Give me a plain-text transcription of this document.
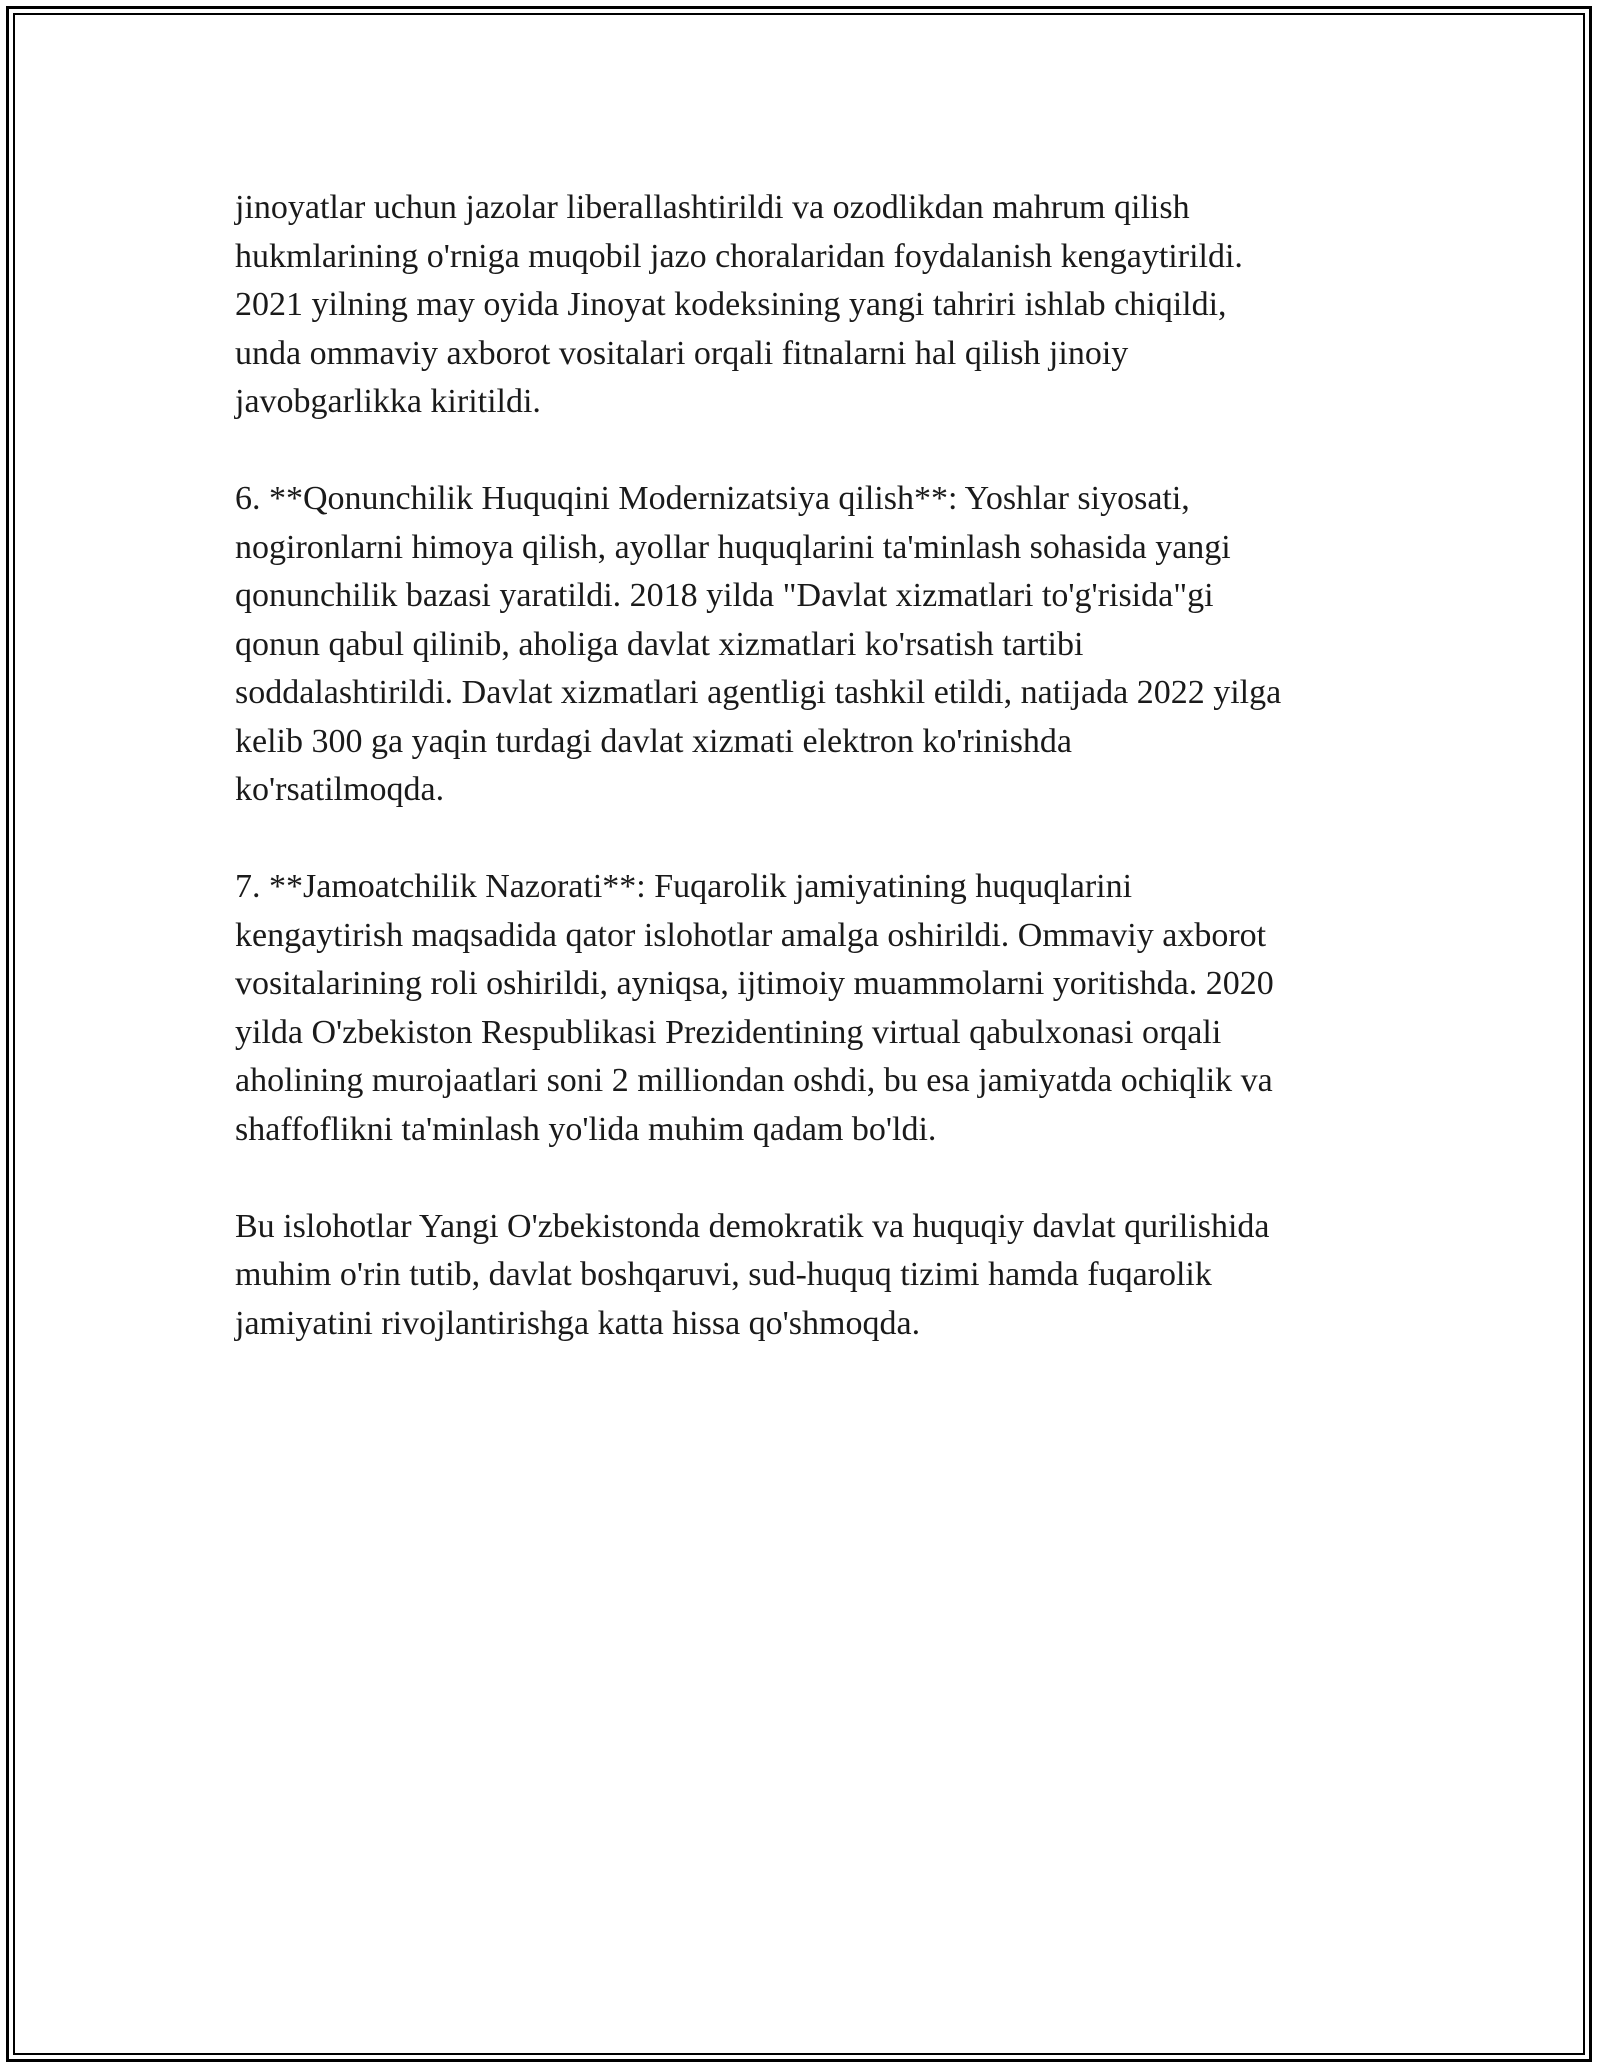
jinoyatlar uchun jazolar liberallashtirildi va ozodlikdan mahrum qilish
hukmlarining o'rniga muqobil jazo choralaridan foydalanish kengaytirildi.
2021 yilning may oyida Jinoyat kodeksining yangi tahriri ishlab chiqildi,
unda ommaviy axborot vositalari orqali fitnalarni hal qilish jinoiy
javobgarlikka kiritildi.

6. **Qonunchilik Huquqini Modernizatsiya qilish**: Yoshlar siyosati,
nogironlarni himoya qilish, ayollar huquqlarini ta'minlash sohasida yangi
qonunchilik bazasi yaratildi. 2018 yilda "Davlat xizmatlari to'g'risida"gi
qonun qabul qilinib, aholiga davlat xizmatlari ko'rsatish tartibi
soddalashtirildi. Davlat xizmatlari agentligi tashkil etildi, natijada 2022 yilga
kelib 300 ga yaqin turdagi davlat xizmati elektron ko'rinishda
ko'rsatilmoqda.

7. **Jamoatchilik Nazorati**: Fuqarolik jamiyatining huquqlarini
kengaytirish maqsadida qator islohotlar amalga oshirildi. Ommaviy axborot
vositalarining roli oshirildi, ayniqsa, ijtimoiy muammolarni yoritishda. 2020
yilda O'zbekiston Respublikasi Prezidentining virtual qabulxonasi orqali
aholining murojaatlari soni 2 milliondan oshdi, bu esa jamiyatda ochiqlik va
shaffoflikni ta'minlash yo'lida muhim qadam bo'ldi.

Bu islohotlar Yangi O'zbekistonda demokratik va huquqiy davlat qurilishida
muhim o'rin tutib, davlat boshqaruvi, sud-huquq tizimi hamda fuqarolik
jamiyatini rivojlantirishga katta hissa qo'shmoqda.
